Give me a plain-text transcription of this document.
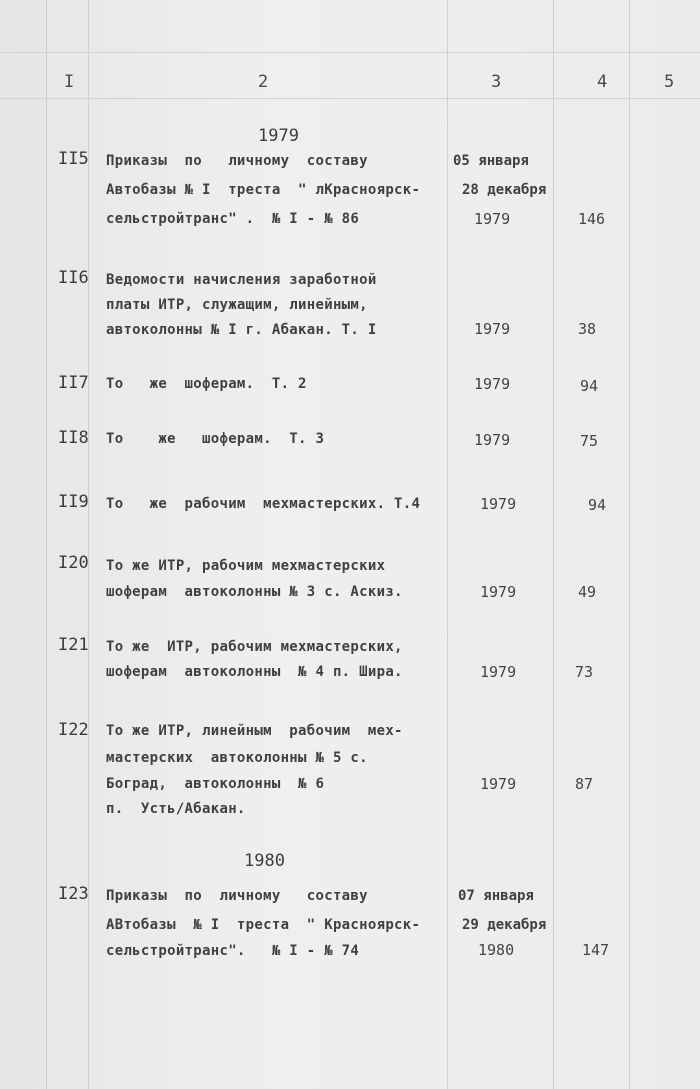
I	2	3	4	5
1979
II5 Приказы  по   личному  составу	05 января
Автобазы № I  треста  " лКрасноярск-	28 декабря
сельстройтранс" .  № I - № 86	1979	146
II6 Ведомости начисления заработной
платы ИТР, служащим, линейным,
автоколонны № I г. Абакан. Т. I	1979	38
II7 То   же  шоферам.  Т. 2	1979	94
II8 То    же   шоферам.  Т. 3	1979	75
II9 То   же  рабочим  мехмастерских. Т.4	1979	94
I20 То же ИТР, рабочим мехмастерских
шоферам  автоколонны № 3 с. Аскиз.	1979	49
I21 То же  ИТР, рабочим мехмастерских,
шоферам  автоколонны  № 4 п. Шира.	1979	73
I22 То же ИТР, линейным  рабочим  мех-
мастерских  автоколонны № 5 с.
Боград,  автоколонны  № 6
п.  Усть/Абакан.
1979	87
1980
I23 Приказы  по  личному   составу	07 января
АВтобазы  № I  треста  " Красноярск-	29 декабря
сельстройтранс".   № I - № 74	1980	147
